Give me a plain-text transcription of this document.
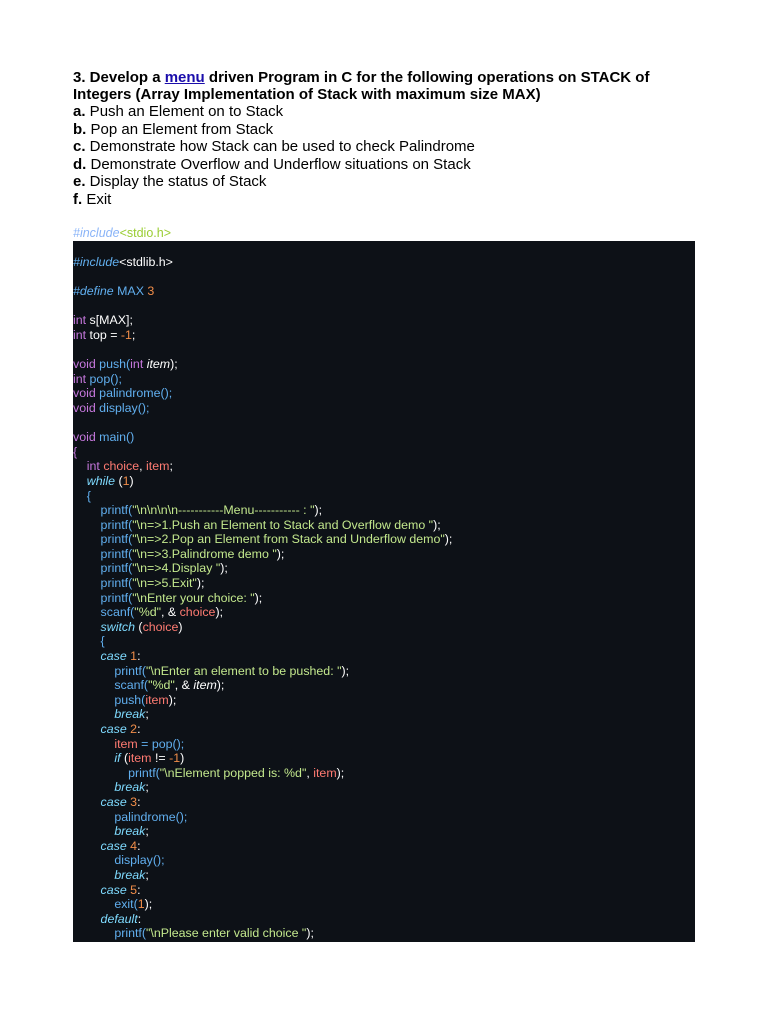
3. Develop a menu driven Program in C for the following operations on STACK of
Integers (Array Implementation of Stack with maximum size MAX)
a. Push an Element on to Stack
b. Pop an Element from Stack
c. Demonstrate how Stack can be used to check Palindrome
d. Demonstrate Overflow and Underflow situations on Stack
e. Display the status of Stack
f. Exit
#include<stdio.h>
#include<stdlib.h>
#define MAX 3
int s[MAX];
int top = -1;
void push(int item);
int pop();
void palindrome();
void display();
void main()
{
int choice, item;
while (1)
{
printf("\n\n\n\n-----------Menu----------- : ");
printf("\n=>1.Push an Element to Stack and Overflow demo ");
printf("\n=>2.Pop an Element from Stack and Underflow demo");
printf("\n=>3.Palindrome demo ");
printf("\n=>4.Display ");
printf("\n=>5.Exit");
printf("\nEnter your choice: ");
scanf("%d", & choice);
switch (choice)
{
case 1:
printf("\nEnter an element to be pushed: ");
scanf("%d", & item);
push(item);
break;
case 2:
item = pop();
if (item != -1)
printf("\nElement popped is: %d", item);
break;
case 3:
palindrome();
break;
case 4:
display();
break;
case 5:
exit(1);
default:
printf("\nPlease enter valid choice ");
